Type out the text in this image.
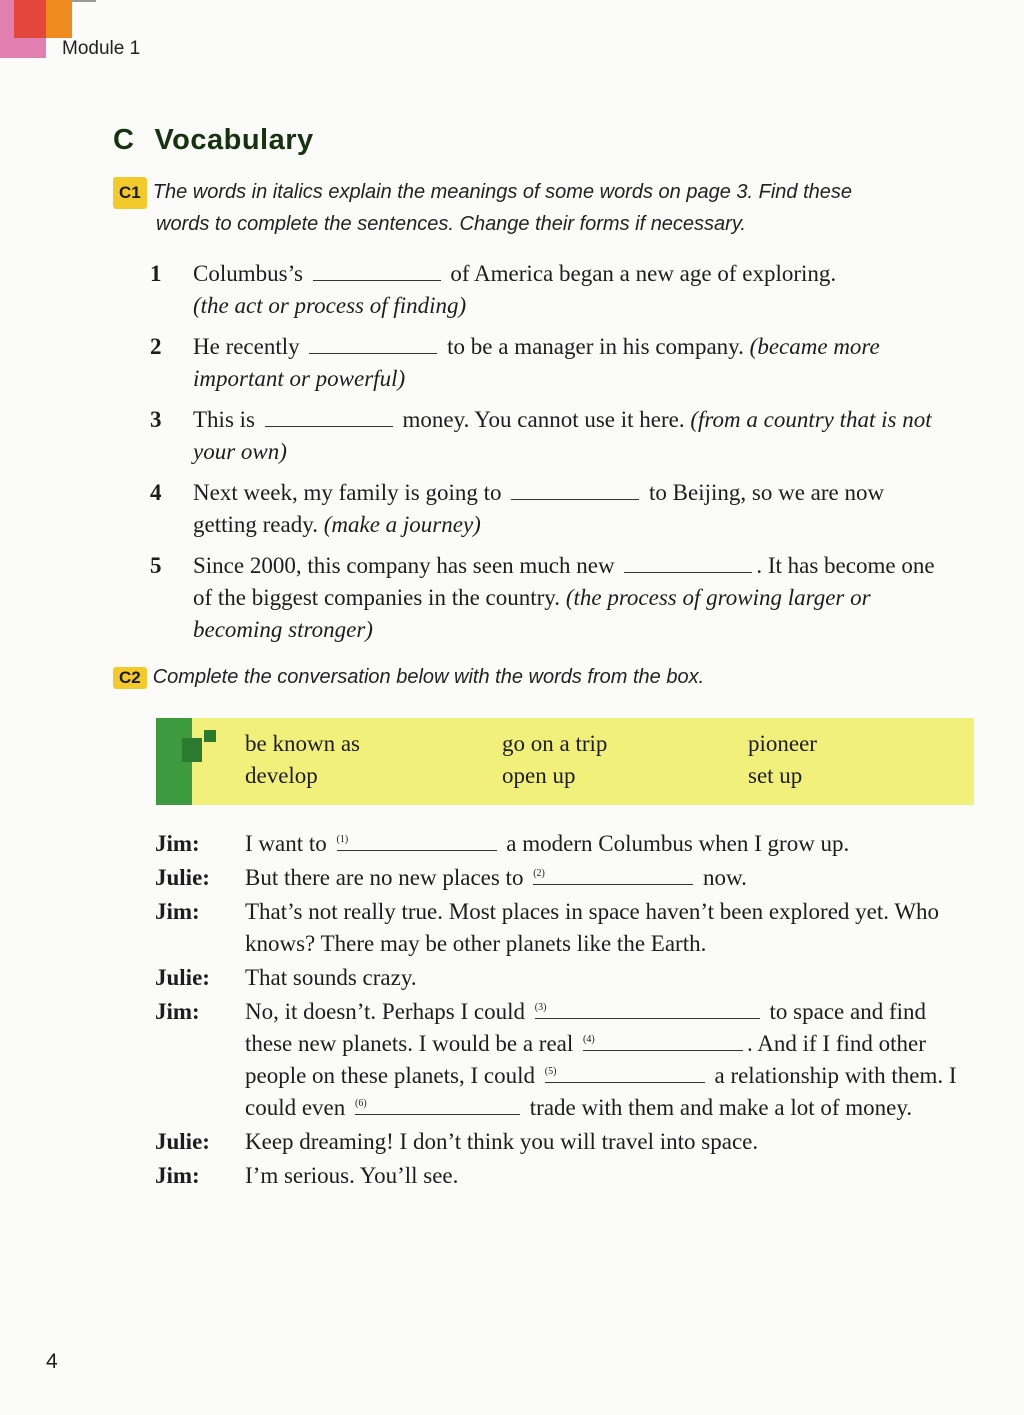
Module 1
C Vocabulary
C1 The words in italics explain the meanings of some words on page 3. Find these
words to complete the sentences. Change their forms if necessary.
1	Columbus’s	of America began a new age of exploring.
(the act or process of finding)
2	He recently	to be a manager in his company. (became more important or powerful)
3	This is	money. You cannot use it here. (from a country that is not your own)
4	Next week, my family is going to	to Beijing, so we are now getting ready. (make a journey)
5	Since 2000, this company has seen much new	. It has become one of the biggest companies in the country. (the process of growing larger or becoming stronger)
C2 Complete the conversation below with the words from the box.
be known as	go on a trip	pioneer
develop	open up	set up
Jim:	I want to (1)	a modern Columbus when I grow up.
Julie:	But there are no new places to (2)	now.
Jim:	That’s not really true. Most places in space haven’t been explored yet. Who knows? There may be other planets like the Earth.
Julie:	That sounds crazy.
Jim:	No, it doesn’t. Perhaps I could (3)	to space and find these new planets. I would be a real (4)	. And if I find other people on these planets, I could (5)	a relationship with them. I could even (6)	trade with them and make a lot of money.
Julie:	Keep dreaming! I don’t think you will travel into space.
Jim:	I’m serious. You’ll see.
4
